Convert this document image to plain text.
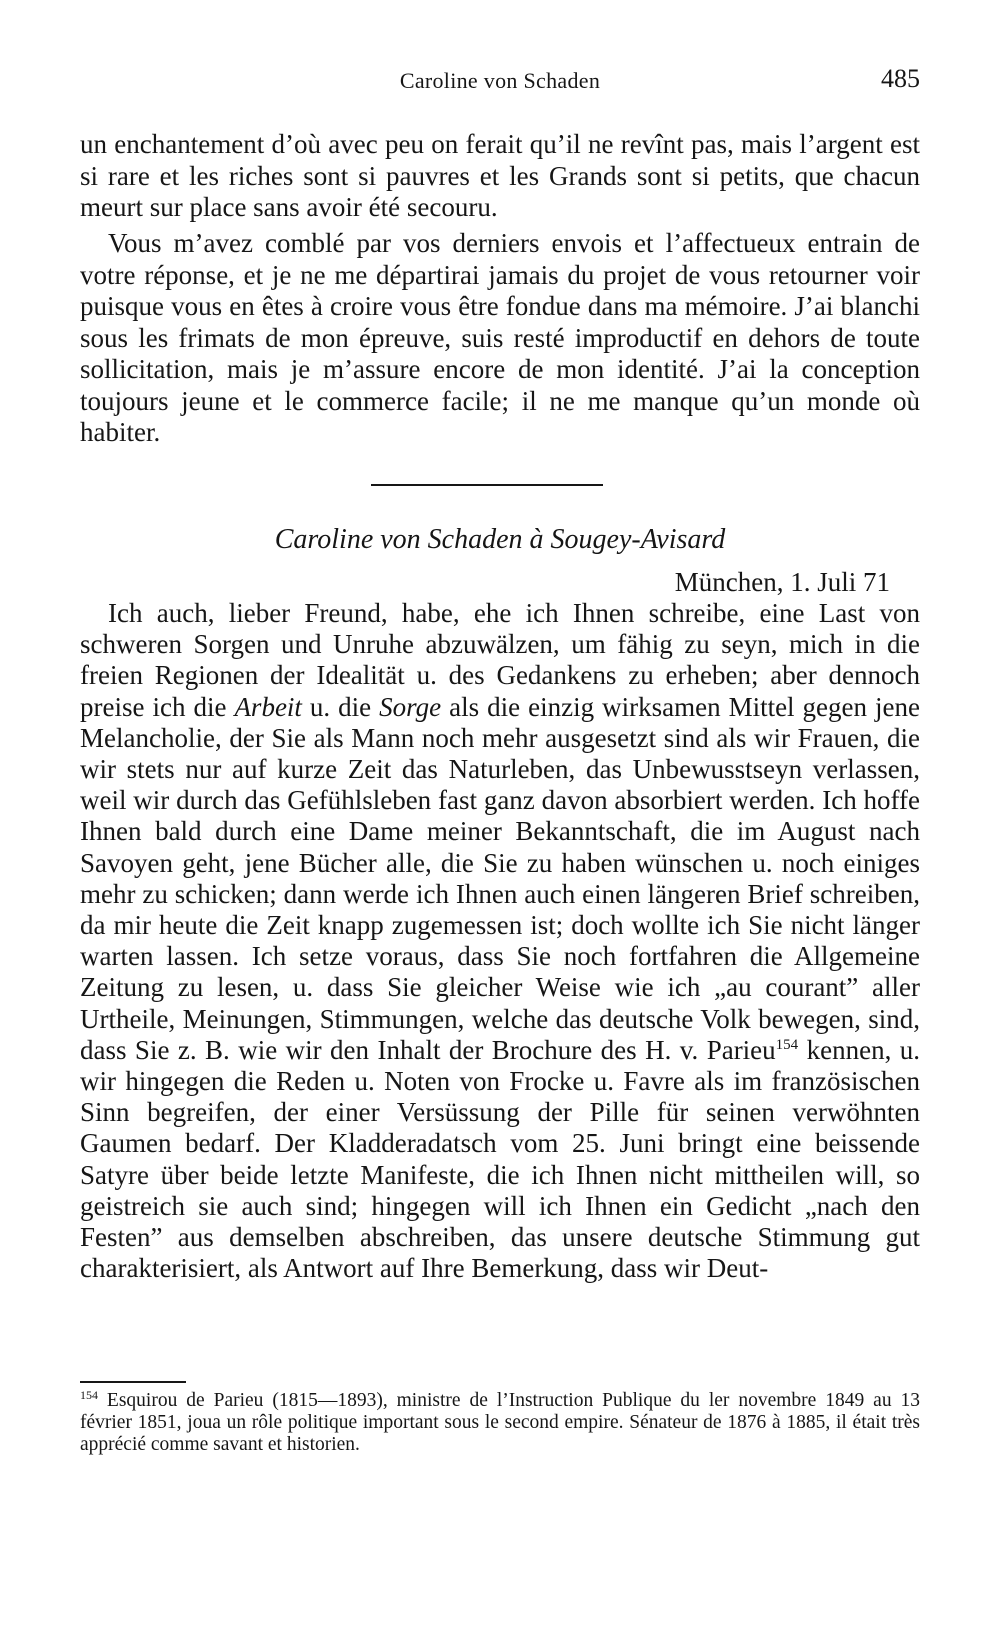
Caroline von Schaden	485

un enchantement d’où avec peu on ferait qu’il ne revînt pas, mais l’argent est si rare et les riches sont si pauvres et les Grands sont si petits, que chacun meurt sur place sans avoir été secouru.

Vous m’avez comblé par vos derniers envois et l’affectueux entrain de votre réponse, et je ne me départirai jamais du projet de vous retourner voir puisque vous en êtes à croire vous être fondue dans ma mémoire. J’ai blanchi sous les frimats de mon épreuve, suis resté improductif en dehors de toute sollicitation, mais je m’assure encore de mon identité. J’ai la conception toujours jeune et le commerce facile; il ne me manque qu’un monde où habiter.

Caroline von Schaden à Sougey-Avisard
München, 1. Juli 71

Ich auch, lieber Freund, habe, ehe ich Ihnen schreibe, eine Last von schweren Sorgen und Unruhe abzuwälzen, um fähig zu seyn, mich in die freien Regionen der Idealität u. des Gedankens zu erheben; aber dennoch preise ich die Arbeit u. die Sorge als die einzig wirksamen Mittel gegen jene Melancholie, der Sie als Mann noch mehr ausgesetzt sind als wir Frauen, die wir stets nur auf kurze Zeit das Naturleben, das Unbewusstseyn verlassen, weil wir durch das Gefühlsleben fast ganz davon absorbiert werden. Ich hoffe Ihnen bald durch eine Dame meiner Bekanntschaft, die im August nach Savoyen geht, jene Bücher alle, die Sie zu haben wünschen u. noch einiges mehr zu schicken; dann werde ich Ihnen auch einen längeren Brief schreiben, da mir heute die Zeit knapp zugemessen ist; doch wollte ich Sie nicht länger warten lassen. Ich setze voraus, dass Sie noch fortfahren die Allgemeine Zeitung zu lesen, u. dass Sie gleicher Weise wie ich „au courant” aller Urtheile, Meinungen, Stimmungen, welche das deutsche Volk bewegen, sind, dass Sie z. B. wie wir den Inhalt der Brochure des H. v. Parieu$^{154}$ kennen, u. wir hingegen die Reden u. Noten von Frocke u. Favre als im französischen Sinn begreifen, der einer Versüssung der Pille für seinen verwöhnten Gaumen bedarf. Der Kladderadatsch vom 25. Juni bringt eine beissende Satyre über beide letzte Manifeste, die ich Ihnen nicht mittheilen will, so geistreich sie auch sind; hingegen will ich Ihnen ein Gedicht „nach den Festen” aus demselben abschreiben, das unsere deutsche Stimmung gut charakterisiert, als Antwort auf Ihre Bemerkung, dass wir Deut-

$^{154}$ Esquirou de Parieu (1815—1893), ministre de l’Instruction Publique du ler novembre 1849 au 13 février 1851, joua un rôle politique important sous le second empire. Sénateur de 1876 à 1885, il était très apprécié comme savant et historien.
